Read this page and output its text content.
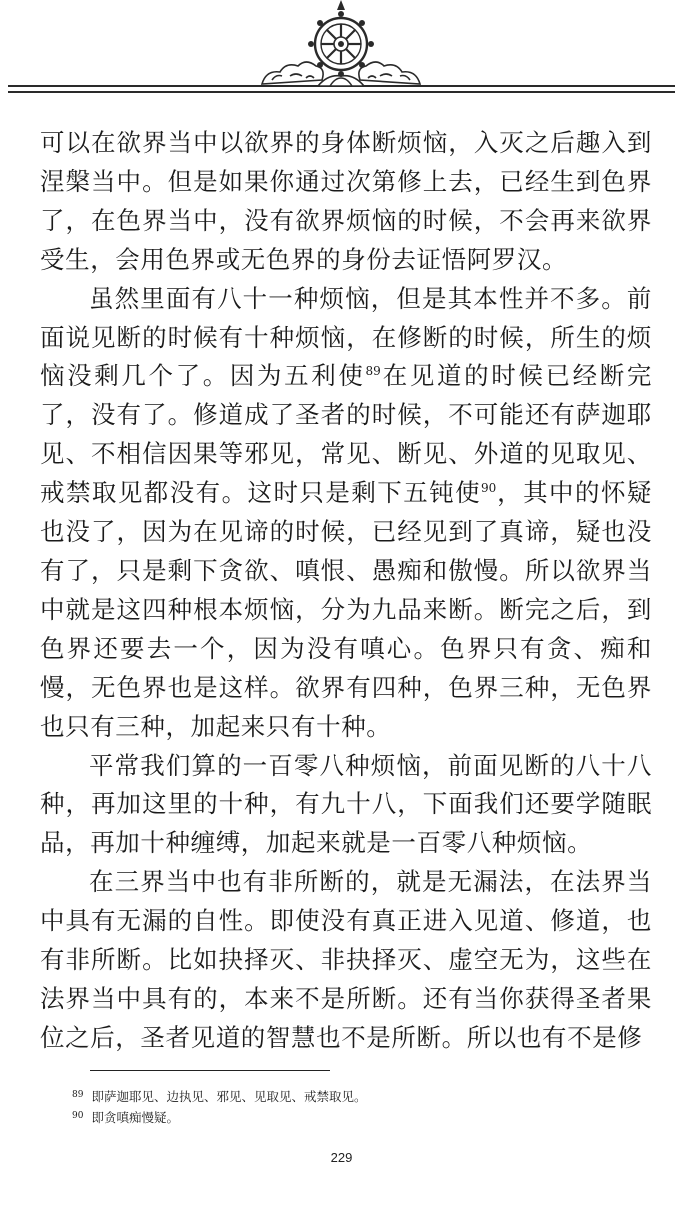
可以在欲界当中以欲界的身体断烦恼，入灭之后趣入到涅槃当中。但是如果你通过次第修上去，已经生到色界了，在色界当中，没有欲界烦恼的时候，不会再来欲界受生，会用色界或无色界的身份去证悟阿罗汉。

虽然里面有八十一种烦恼，但是其本性并不多。前面说见断的时候有十种烦恼，在修断的时候，所生的烦恼没剩几个了。因为五利使$^{89}$在见道的时候已经断完了，没有了。修道成了圣者的时候，不可能还有萨迦耶见、不相信因果等邪见，常见、断见、外道的见取见、戒禁取见都没有。这时只是剩下五钝使$^{90}$，其中的怀疑也没了，因为在见谛的时候，已经见到了真谛，疑也没有了，只是剩下贪欲、嗔恨、愚痴和傲慢。所以欲界当中就是这四种根本烦恼，分为九品来断。断完之后，到色界还要去一个，因为没有嗔心。色界只有贪、痴和慢，无色界也是这样。欲界有四种，色界三种，无色界也只有三种，加起来只有十种。

平常我们算的一百零八种烦恼，前面见断的八十八种，再加这里的十种，有九十八，下面我们还要学随眠品，再加十种缠缚，加起来就是一百零八种烦恼。

在三界当中也有非所断的，就是无漏法，在法界当中具有无漏的自性。即使没有真正进入见道、修道，也有非所断。比如抉择灭、非抉择灭、虚空无为，这些在法界当中具有的，本来不是所断。还有当你获得圣者果位之后，圣者见道的智慧也不是所断。所以也有不是修

$^{89}$ 即萨迦耶见、边执见、邪见、见取见、戒禁取见。

$^{90}$ 即贪嗔痴慢疑。

229
